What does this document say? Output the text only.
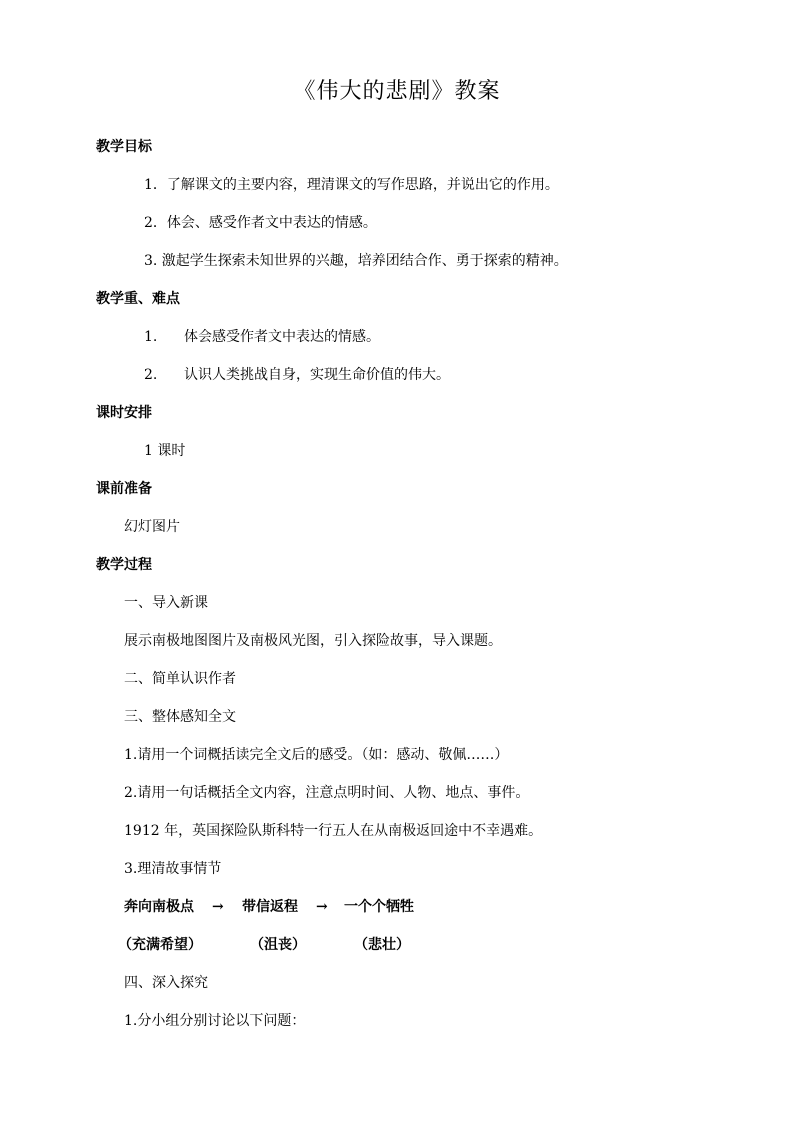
《伟大的悲剧》教案
教学目标
1．了解课文的主要内容，理清课文的写作思路，并说出它的作用。
2．体会、感受作者文中表达的情感。
3. 激起学生探索未知世界的兴趣，培养团结合作、勇于探索的精神。
教学重、难点
1. 体会感受作者文中表达的情感。
2. 认识人类挑战自身，实现生命价值的伟大。
课时安排
1 课时
课前准备
幻灯图片
教学过程
一、导入新课
展示南极地图图片及南极风光图，引入探险故事，导入课题。
二、简单认识作者
三、整体感知全文
1.请用一个词概括读完全文后的感受。（如：感动、敬佩……）
2.请用一句话概括全文内容，注意点明时间、人物、地点、事件。
1912 年，英国探险队斯科特一行五人在从南极返回途中不幸遇难。
3.理清故事情节
奔向南极点 → 带信返程 → 一个个牺牲
（充满希望）	（沮丧）	（悲壮）
四、深入探究
1.分小组分别讨论以下问题：
